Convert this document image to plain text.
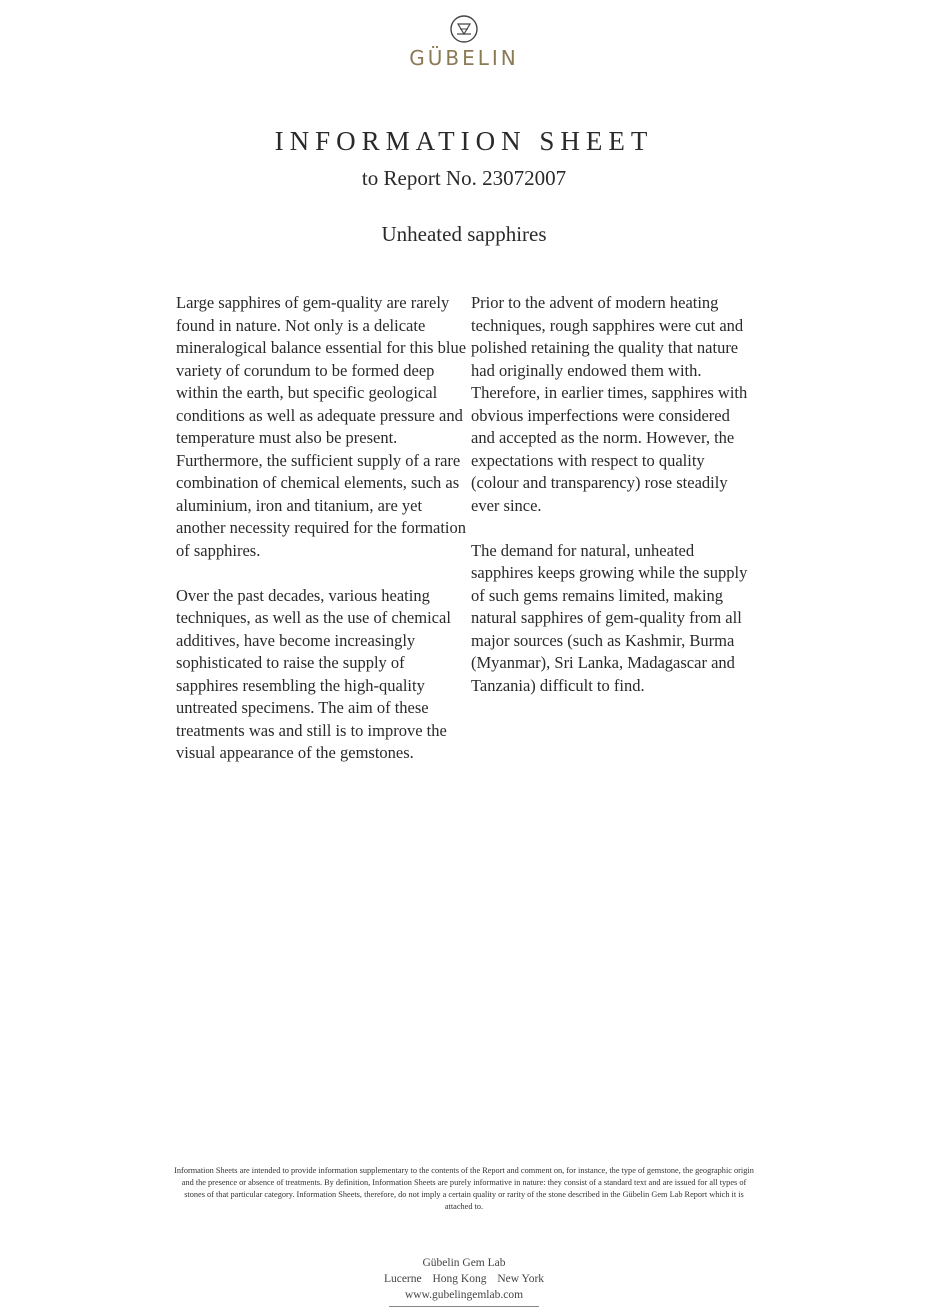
GÜBELIN
INFORMATION SHEET
to Report No. 23072007
Unheated sapphires

Large sapphires of gem-quality are rarely found in nature. Not only is a delicate mineralogical balance essential for this blue variety of corundum to be formed deep within the earth, but specific geological conditions as well as adequate pressure and temperature must also be present. Furthermore, the sufficient supply of a rare combination of chemical elements, such as aluminium, iron and titanium, are yet another necessity required for the formation of sapphires.

Over the past decades, various heating techniques, as well as the use of chemical additives, have become increasingly sophisticated to raise the supply of sapphires resembling the high-quality untreated specimens. The aim of these treatments was and still is to improve the visual appearance of the gemstones.

Prior to the advent of modern heating techniques, rough sapphires were cut and polished retaining the quality that nature had originally endowed them with. Therefore, in earlier times, sapphires with obvious imperfections were considered and accepted as the norm. However, the expectations with respect to quality (colour and transparency) rose steadily ever since.

The demand for natural, unheated sapphires keeps growing while the supply of such gems remains limited, making natural sapphires of gem-quality from all major sources (such as Kashmir, Burma (Myanmar), Sri Lanka, Madagascar and Tanzania) difficult to find.

Information Sheets are intended to provide information supplementary to the contents of the Report and comment on, for instance, the type of gemstone, the geographic origin and the presence or absence of treatments. By definition, Information Sheets are purely informative in nature: they consist of a standard text and are issued for all types of stones of that particular category. Information Sheets, therefore, do not imply a certain quality or rarity of the stone described in the Gübelin Gem Lab Report which it is attached to.
Gübelin Gem Lab
Lucerne Hong Kong New York
www.gubelingemlab.com
